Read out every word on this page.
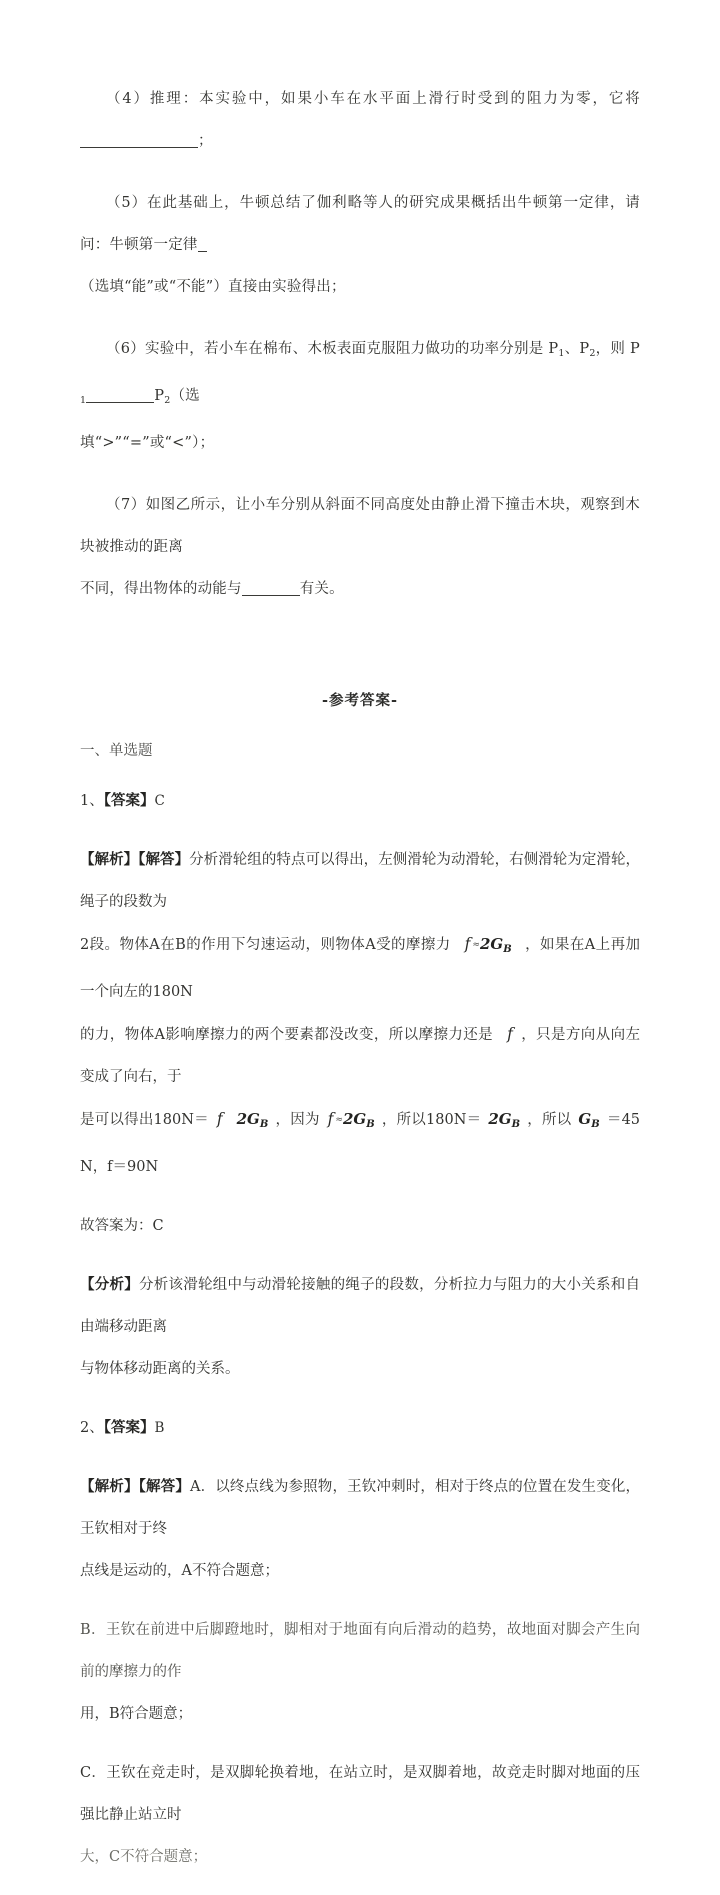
（4）推理：本实验中，如果小车在水平面上滑行时受到的阻力为零，它将；

（5）在此基础上，牛顿总结了伽利略等人的研究成果概括出牛顿第一定律，请问：牛顿第一定律

（选填“能”或“不能”）直接由实验得出；

（6）实验中，若小车在棉布、木板表面克服阻力做功的功率分别是 $P_1$、$P_2$，则 $P_1$	$P_2$（选

填“>”“=”或“<”）；

（7）如图乙所示，让小车分别从斜面不同高度处由静止滑下撞击木块，观察到木块被推动的距离

不同，得出物体的动能与	有关。

-参考答案-

一、单选题

1、【答案】C

【解析】【解答】分析滑轮组的特点可以得出，左侧滑轮为动滑轮，右侧滑轮为定滑轮，绳子的段数为

2段。物体A在B的作用下匀速运动，则物体A受的摩擦力 $f \approx 2G_B$ ，如果在A上再加一个向左的180N

的力，物体A影响摩擦力的两个要素都没改变，所以摩擦力还是 f ，只是方向从向左变成了向右，于

是可以得出180N＝ f $2G_B$ ，因为 $f \approx 2G_B$ ，所以$180N= 2G_B$ ，所以 $G_B =45N$，f＝90N

故答案为：C

【分析】分析该滑轮组中与动滑轮接触的绳子的段数，分析拉力与阻力的大小关系和自由端移动距离

与物体移动距离的关系。

2、【答案】B

【解析】【解答】A．以终点线为参照物，王钦冲刺时，相对于终点的位置在发生变化，王钦相对于终

点线是运动的，A不符合题意；

B．王钦在前进中后脚蹬地时，脚相对于地面有向后滑动的趋势，故地面对脚会产生向前的摩擦力的作

用，B符合题意；

C．王钦在竞走时，是双脚轮换着地，在站立时，是双脚着地，故竞走时脚对地面的压强比静止站立时

大，C不符合题意；
